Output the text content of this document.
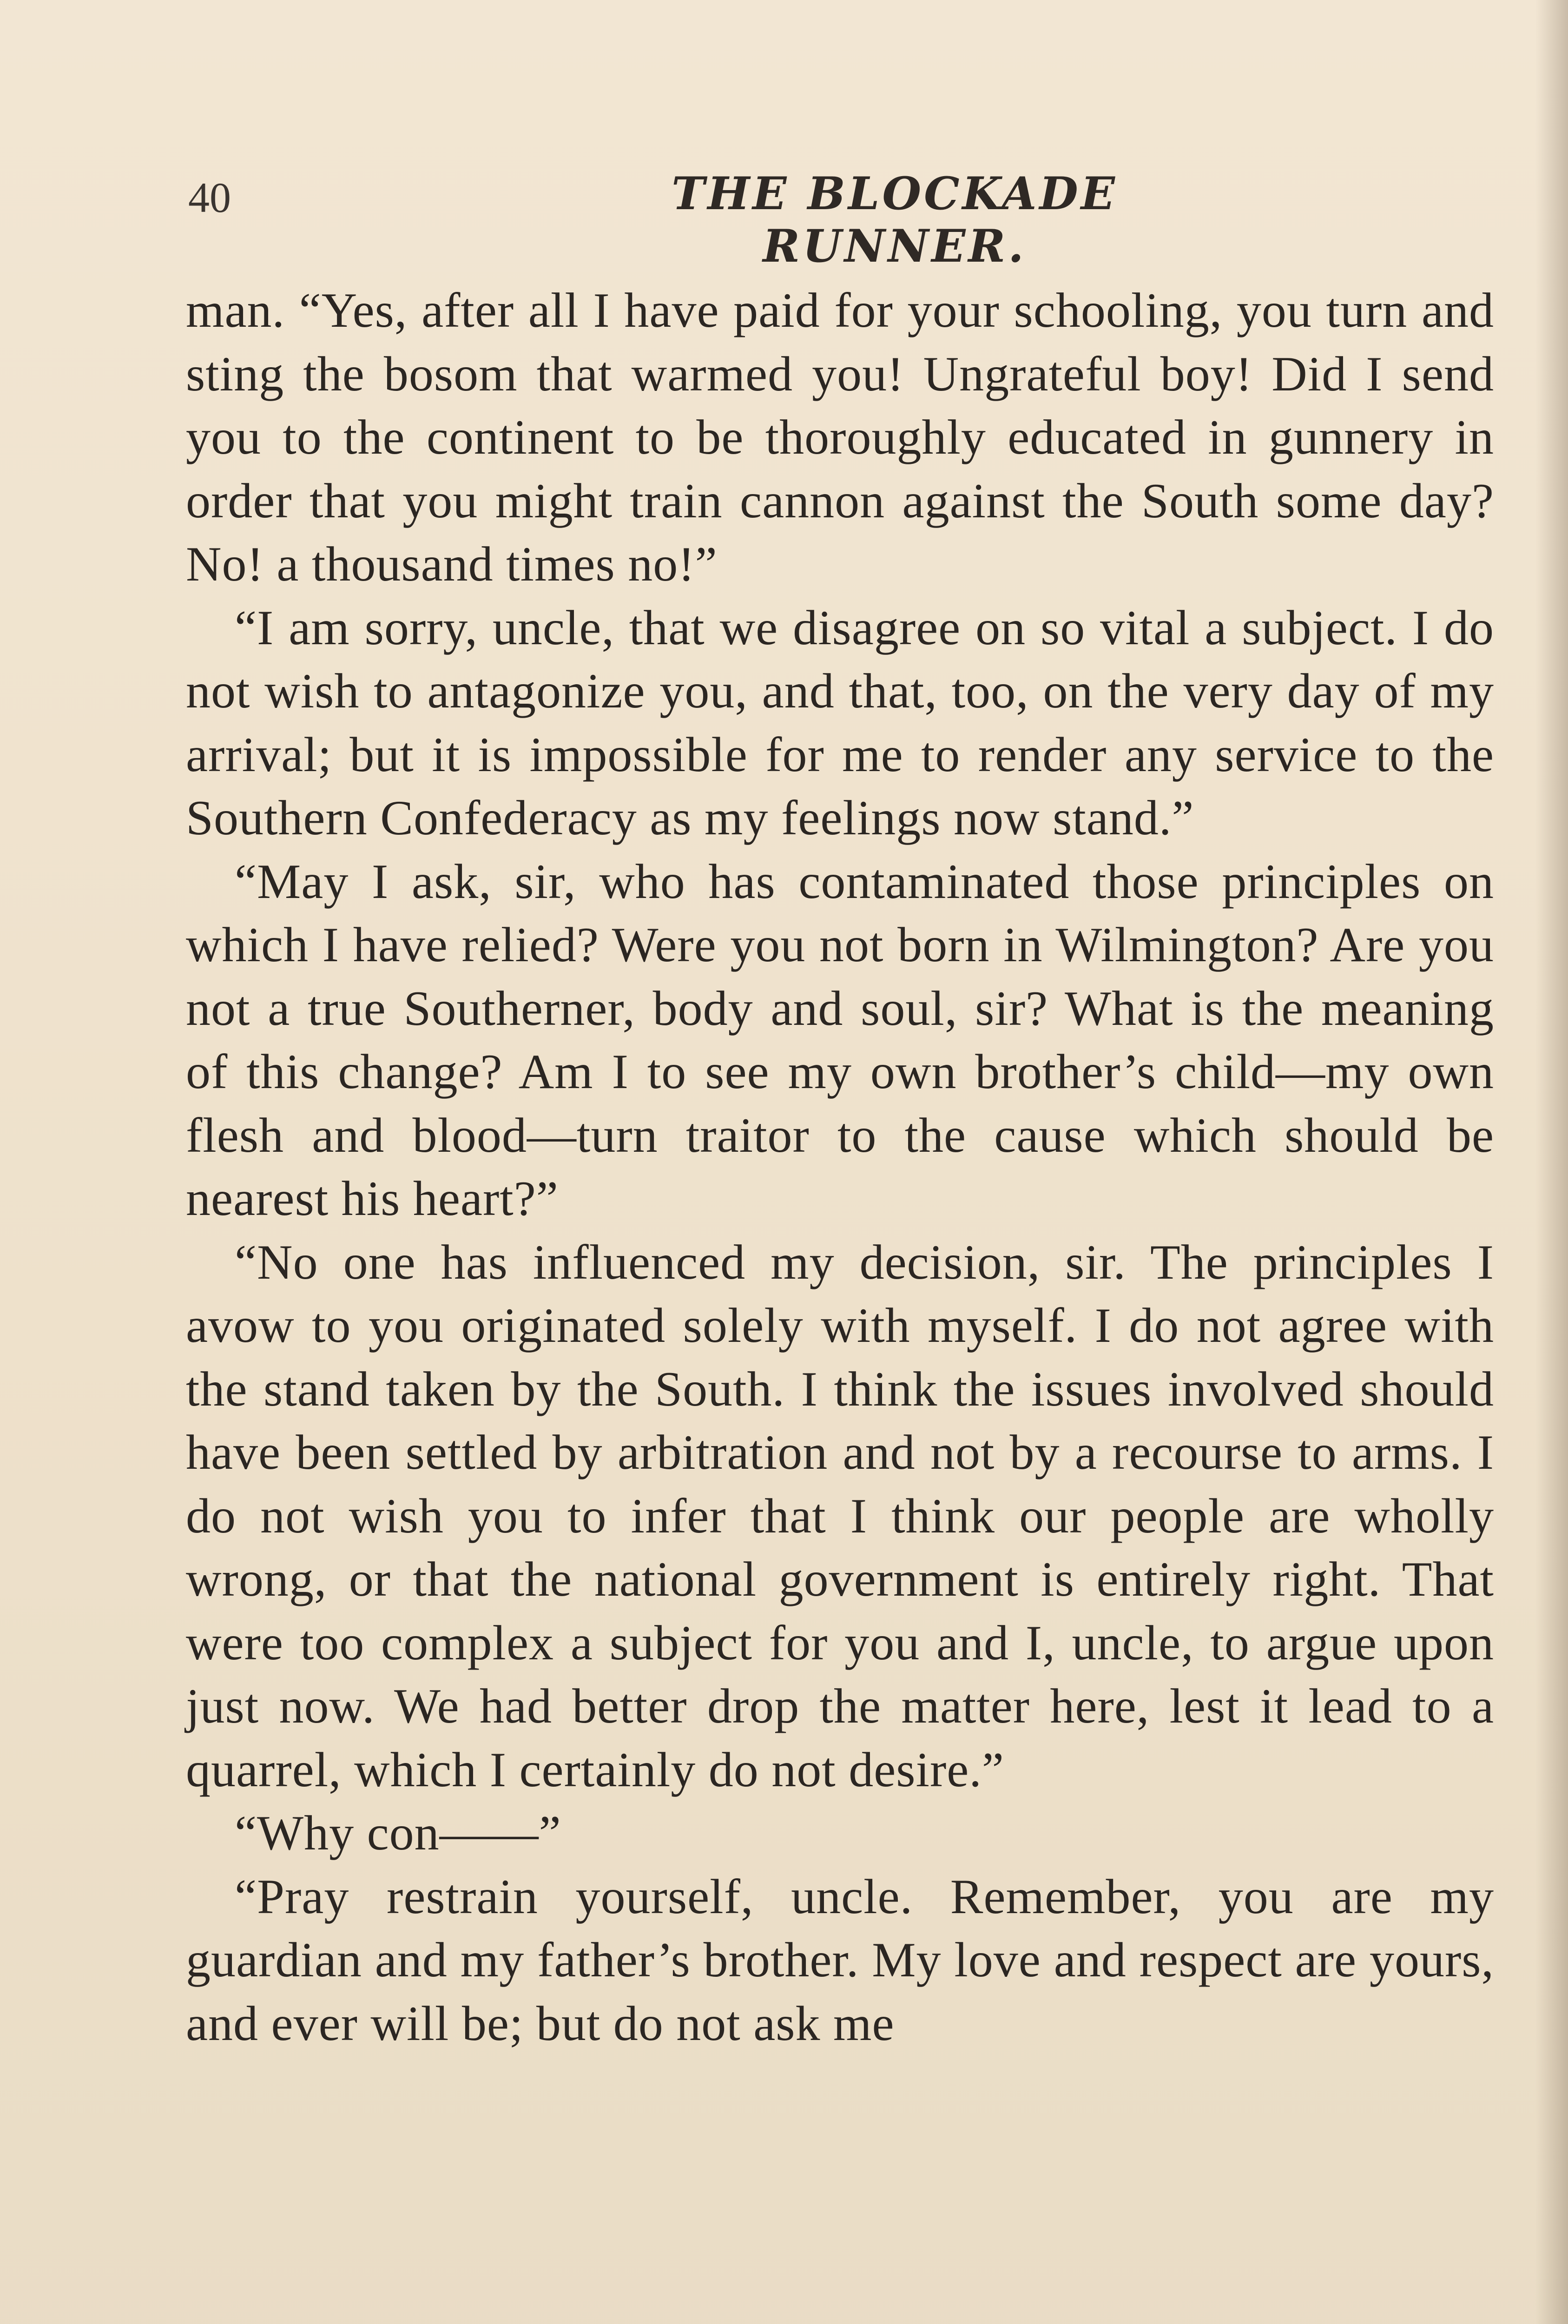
40	THE BLOCKADE RUNNER.

man. “Yes, after all I have paid for your schooling, you turn and sting the bosom that warmed you! Ungrateful boy! Did I send you to the continent to be thoroughly educated in gunnery in order that you might train cannon against the South some day? No! a thousand times no!”

“I am sorry, uncle, that we disagree on so vital a subject. I do not wish to antagonize you, and that, too, on the very day of my arrival; but it is impossible for me to render any service to the Southern Confederacy as my feelings now stand.”

“May I ask, sir, who has contaminated those principles on which I have relied? Were you not born in Wilmington? Are you not a true Southerner, body and soul, sir? What is the meaning of this change? Am I to see my own brother’s child—my own flesh and blood—turn traitor to the cause which should be nearest his heart?”

“No one has influenced my decision, sir. The principles I avow to you originated solely with myself. I do not agree with the stand taken by the South. I think the issues involved should have been settled by arbitration and not by a recourse to arms. I do not wish you to infer that I think our people are wholly wrong, or that the national government is entirely right. That were too complex a subject for you and I, uncle, to argue upon just now. We had better drop the matter here, lest it lead to a quarrel, which I certainly do not desire.”

“Why con——”

“Pray restrain yourself, uncle. Remember, you are my guardian and my father’s brother. My love and respect are yours, and ever will be; but do not ask me
